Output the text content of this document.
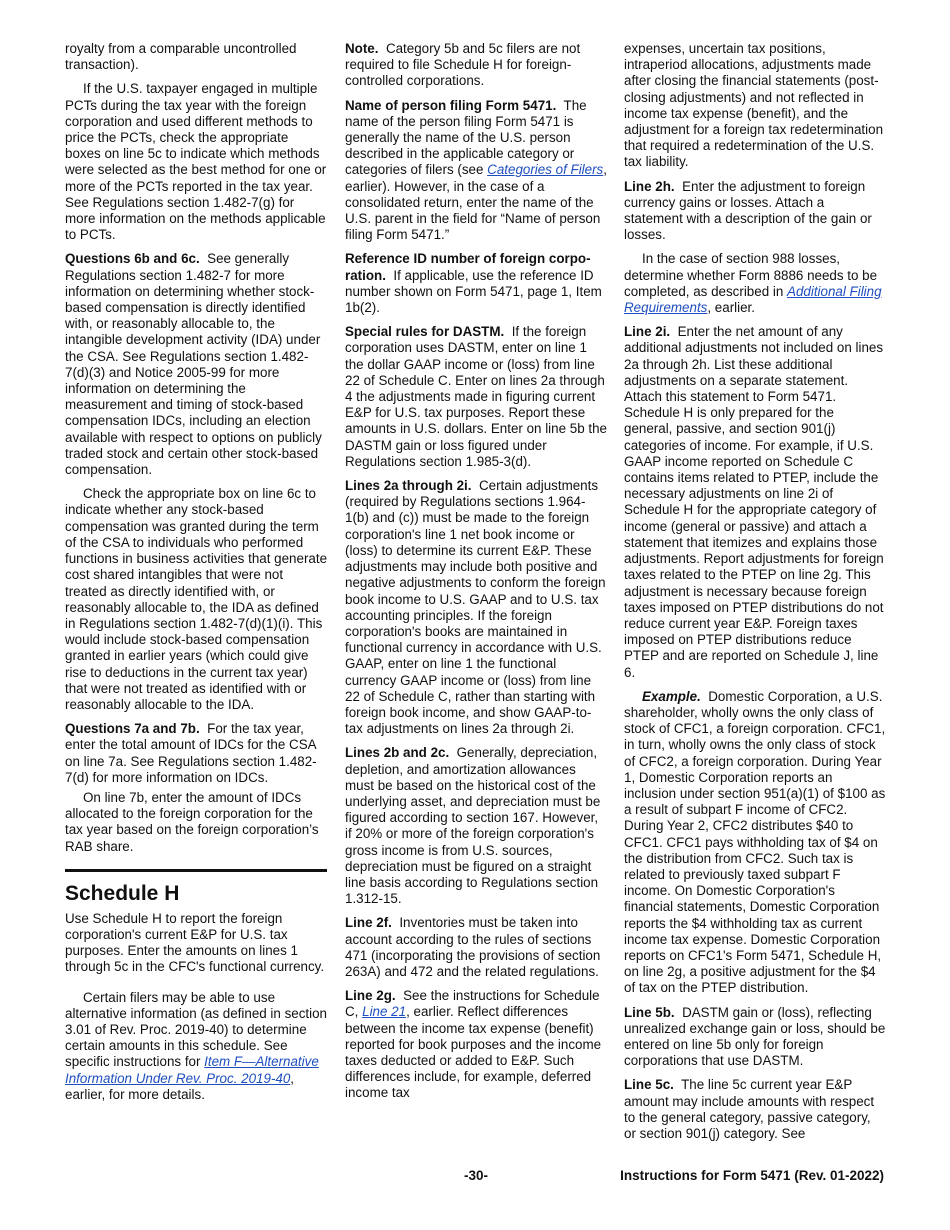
royalty from a comparable uncontrolled transaction).

If the U.S. taxpayer engaged in multiple PCTs during the tax year with the foreign corporation and used different methods to price the PCTs, check the appropriate boxes on line 5c to indicate which methods were selected as the best method for one or more of the PCTs reported in the tax year. See Regulations section 1.482-7(g) for more information on the methods applicable to PCTs.

Questions 6b and 6c. See generally Regulations section 1.482-7 for more information on determining whether stock-based compensation is directly identified with, or reasonably allocable to, the intangible development activity (IDA) under the CSA. See Regulations section 1.482-7(d)(3) and Notice 2005-99 for more information on determining the measurement and timing of stock-based compensation IDCs, including an election available with respect to options on publicly traded stock and certain other stock-based compensation.

Check the appropriate box on line 6c to indicate whether any stock-based compensation was granted during the term of the CSA to individuals who performed functions in business activities that generate cost shared intangibles that were not treated as directly identified with, or reasonably allocable to, the IDA as defined in Regulations section 1.482-7(d)(1)(i). This would include stock-based compensation granted in earlier years (which could give rise to deductions in the current tax year) that were not treated as identified with or reasonably allocable to the IDA.

Questions 7a and 7b. For the tax year, enter the total amount of IDCs for the CSA on line 7a. See Regulations section 1.482-7(d) for more information on IDCs.

On line 7b, enter the amount of IDCs allocated to the foreign corporation for the tax year based on the foreign corporation’s RAB share.

Schedule H

Use Schedule H to report the foreign corporation's current E&P for U.S. tax purposes. Enter the amounts on lines 1 through 5c in the CFC's functional currency.

Certain filers may be able to use alternative information (as defined in section 3.01 of Rev. Proc. 2019-40) to determine certain amounts in this schedule. See specific instructions for Item F—Alternative Information Under Rev. Proc. 2019-40, earlier, for more details.

Note. Category 5b and 5c filers are not required to file Schedule H for foreign-controlled corporations.

Name of person filing Form 5471. The name of the person filing Form 5471 is generally the name of the U.S. person described in the applicable category or categories of filers (see Categories of Filers, earlier). However, in the case of a consolidated return, enter the name of the U.S. parent in the field for “Name of person filing Form 5471.”

Reference ID number of foreign corpo-ration. If applicable, use the reference ID number shown on Form 5471, page 1, Item 1b(2).

Special rules for DASTM. If the foreign corporation uses DASTM, enter on line 1 the dollar GAAP income or (loss) from line 22 of Schedule C. Enter on lines 2a through 4 the adjustments made in figuring current E&P for U.S. tax purposes. Report these amounts in U.S. dollars. Enter on line 5b the DASTM gain or loss figured under Regulations section 1.985-3(d).

Lines 2a through 2i. Certain adjustments (required by Regulations sections 1.964-1(b) and (c)) must be made to the foreign corporation's line 1 net book income or (loss) to determine its current E&P. These adjustments may include both positive and negative adjustments to conform the foreign book income to U.S. GAAP and to U.S. tax accounting principles. If the foreign corporation's books are maintained in functional currency in accordance with U.S. GAAP, enter on line 1 the functional currency GAAP income or (loss) from line 22 of Schedule C, rather than starting with foreign book income, and show GAAP-to-tax adjustments on lines 2a through 2i.

Lines 2b and 2c. Generally, depreciation, depletion, and amortization allowances must be based on the historical cost of the underlying asset, and depreciation must be figured according to section 167. However, if 20% or more of the foreign corporation's gross income is from U.S. sources, depreciation must be figured on a straight line basis according to Regulations section 1.312-15.

Line 2f. Inventories must be taken into account according to the rules of sections 471 (incorporating the provisions of section 263A) and 472 and the related regulations.

Line 2g. See the instructions for Schedule C, Line 21, earlier. Reflect differences between the income tax expense (benefit) reported for book purposes and the income taxes deducted or added to E&P. Such differences include, for example, deferred income tax

expenses, uncertain tax positions, intraperiod allocations, adjustments made after closing the financial statements (post-closing adjustments) and not reflected in income tax expense (benefit), and the adjustment for a foreign tax redetermination that required a redetermination of the U.S. tax liability.

Line 2h. Enter the adjustment to foreign currency gains or losses. Attach a statement with a description of the gain or losses.

In the case of section 988 losses, determine whether Form 8886 needs to be completed, as described in Additional Filing Requirements, earlier.

Line 2i. Enter the net amount of any additional adjustments not included on lines 2a through 2h. List these additional adjustments on a separate statement. Attach this statement to Form 5471. Schedule H is only prepared for the general, passive, and section 901(j) categories of income. For example, if U.S. GAAP income reported on Schedule C contains items related to PTEP, include the necessary adjustments on line 2i of Schedule H for the appropriate category of income (general or passive) and attach a statement that itemizes and explains those adjustments. Report adjustments for foreign taxes related to the PTEP on line 2g. This adjustment is necessary because foreign taxes imposed on PTEP distributions do not reduce current year E&P. Foreign taxes imposed on PTEP distributions reduce PTEP and are reported on Schedule J, line 6.

Example. Domestic Corporation, a U.S. shareholder, wholly owns the only class of stock of CFC1, a foreign corporation. CFC1, in turn, wholly owns the only class of stock of CFC2, a foreign corporation. During Year 1, Domestic Corporation reports an inclusion under section 951(a)(1) of $100 as a result of subpart F income of CFC2. During Year 2, CFC2 distributes $40 to CFC1. CFC1 pays withholding tax of $4 on the distribution from CFC2. Such tax is related to previously taxed subpart F income. On Domestic Corporation's financial statements, Domestic Corporation reports the $4 withholding tax as current income tax expense. Domestic Corporation reports on CFC1's Form 5471, Schedule H, on line 2g, a positive adjustment for the $4 of tax on the PTEP distribution.

Line 5b. DASTM gain or (loss), reflecting unrealized exchange gain or loss, should be entered on line 5b only for foreign corporations that use DASTM.

Line 5c. The line 5c current year E&P amount may include amounts with respect to the general category, passive category, or section 901(j) category. See

-30-	Instructions for Form 5471 (Rev. 01-2022)
